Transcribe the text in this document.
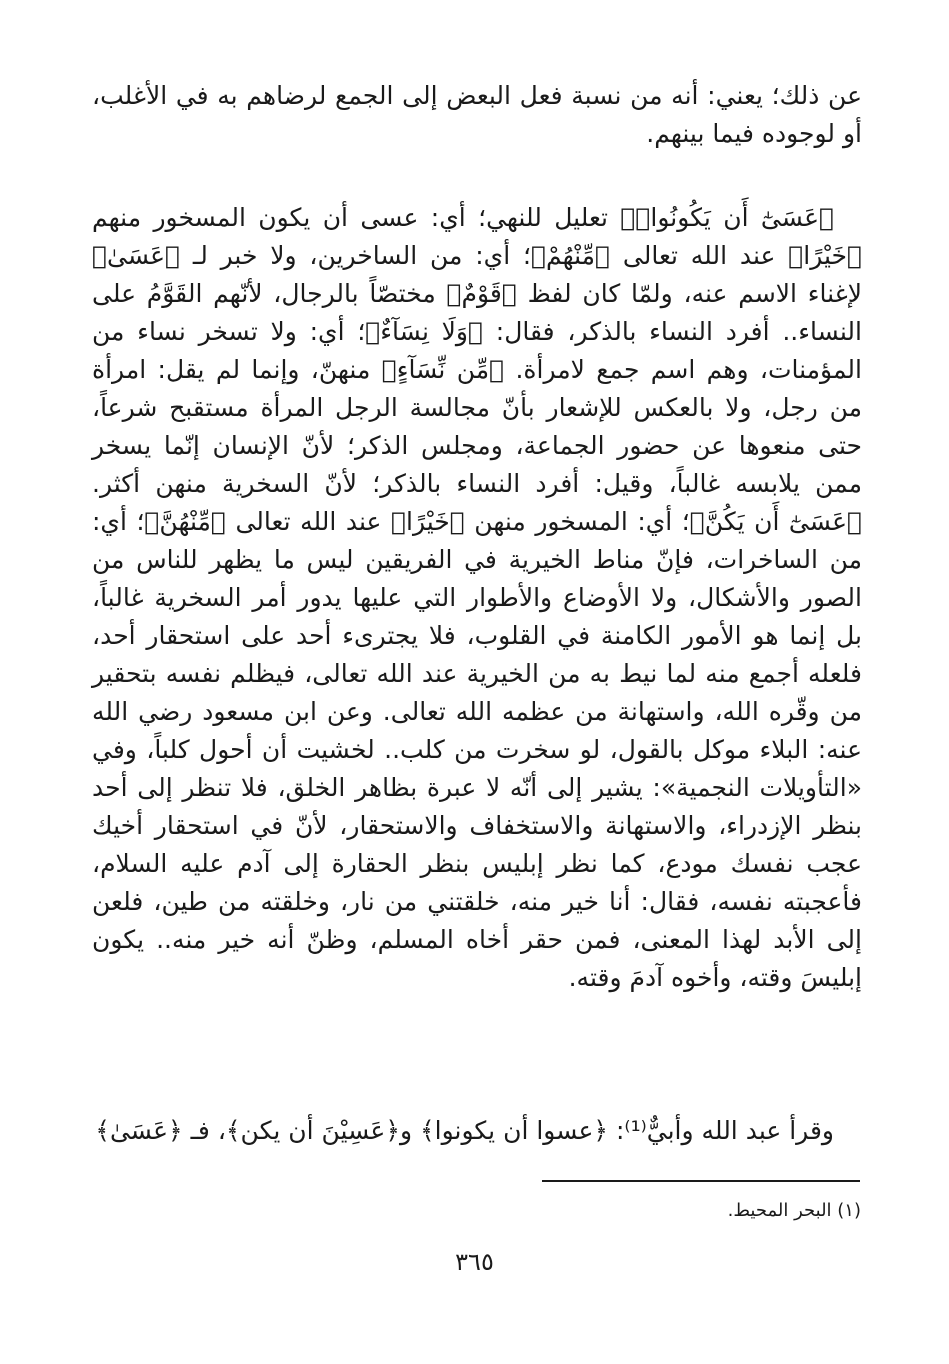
عن ذلك؛ يعني: أنه من نسبة فعل البعض إلى الجمع لرضاهم به في الأغلب، أو لوجوده فيما بينهم.

﴿عَسَىٰٓ أَن يَكُونُوا۟﴾ تعليل للنهي؛ أي: عسى أن يكون المسخور منهم ﴿خَيْرًا﴾ عند الله تعالى ﴿مِّنْهُمْ﴾؛ أي: من الساخرين، ولا خبر لـ ﴿عَسَىٰ﴾ لإغناء الاسم عنه، ولمّا كان لفظ ﴿قَوْمٌ﴾ مختصّاً بالرجال، لأنّهم القَوَّمُ على النساء.. أفرد النساء بالذكر، فقال: ﴿وَلَا نِسَآءٌ﴾؛ أي: ولا تسخر نساء من المؤمنات، وهم اسم جمع لامرأة. ﴿مِّن نِّسَآءٍ﴾ منهنّ، وإنما لم يقل: امرأة من رجل، ولا بالعكس للإشعار بأنّ مجالسة الرجل المرأة مستقبح شرعاً، حتى منعوها عن حضور الجماعة، ومجلس الذكر؛ لأنّ الإنسان إنّما يسخر ممن يلابسه غالباً، وقيل: أفرد النساء بالذكر؛ لأنّ السخرية منهن أكثر. ﴿عَسَىٰٓ أَن يَكُنَّ﴾؛ أي: المسخور منهن ﴿خَيْرًا﴾ عند الله تعالى ﴿مِّنْهُنَّ﴾؛ أي: من الساخرات، فإنّ مناط الخيرية في الفريقين ليس ما يظهر للناس من الصور والأشكال، ولا الأوضاع والأطوار التي عليها يدور أمر السخرية غالباً، بل إنما هو الأمور الكامنة في القلوب، فلا يجترىء أحد على استحقار أحد، فلعله أجمع منه لما نيط به من الخيرية عند الله تعالى، فيظلم نفسه بتحقير من وقّره الله، واستهانة من عظمه الله تعالى. وعن ابن مسعود رضي الله عنه: البلاء موكل بالقول، لو سخرت من كلب.. لخشيت أن أحول كلباً، وفي «التأويلات النجمية»: يشير إلى أنّه لا عبرة بظاهر الخلق، فلا تنظر إلى أحد بنظر الإزدراء، والاستهانة والاستخفاف والاستحقار، لأنّ في استحقار أخيك عجب نفسك مودع، كما نظر إبليس بنظر الحقارة إلى آدم عليه السلام، فأعجبته نفسه، فقال: أنا خير منه، خلقتني من نار، وخلقته من طين، فلعن إلى الأبد لهذا المعنى، فمن حقر أخاه المسلم، وظنّ أنه خير منه.. يكون إبليسَ وقته، وأخوه آدمَ وقته.

وقرأ عبد الله وأبيٌّ⁽¹⁾: ﴿عسوا أن يكونوا﴾ و﴿عَسِيْنَ أن يكن﴾، فـ ﴿عَسَىٰ﴾

(١) البحر المحيط.
٣٦٥
